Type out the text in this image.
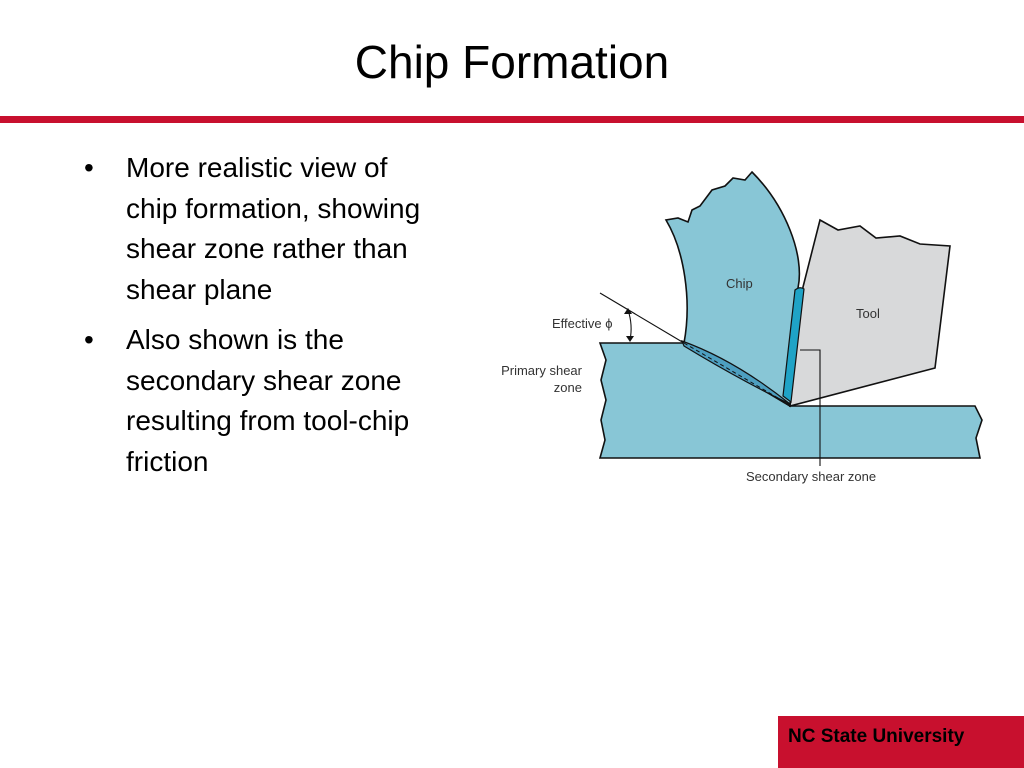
Chip Formation
• More realistic view of chip formation, showing shear zone rather than shear plane
• Also shown is the secondary shear zone resulting from tool-chip friction
Chip
Tool
Effective ϕ
Primary shear
zone
Secondary shear zone
NC State University
